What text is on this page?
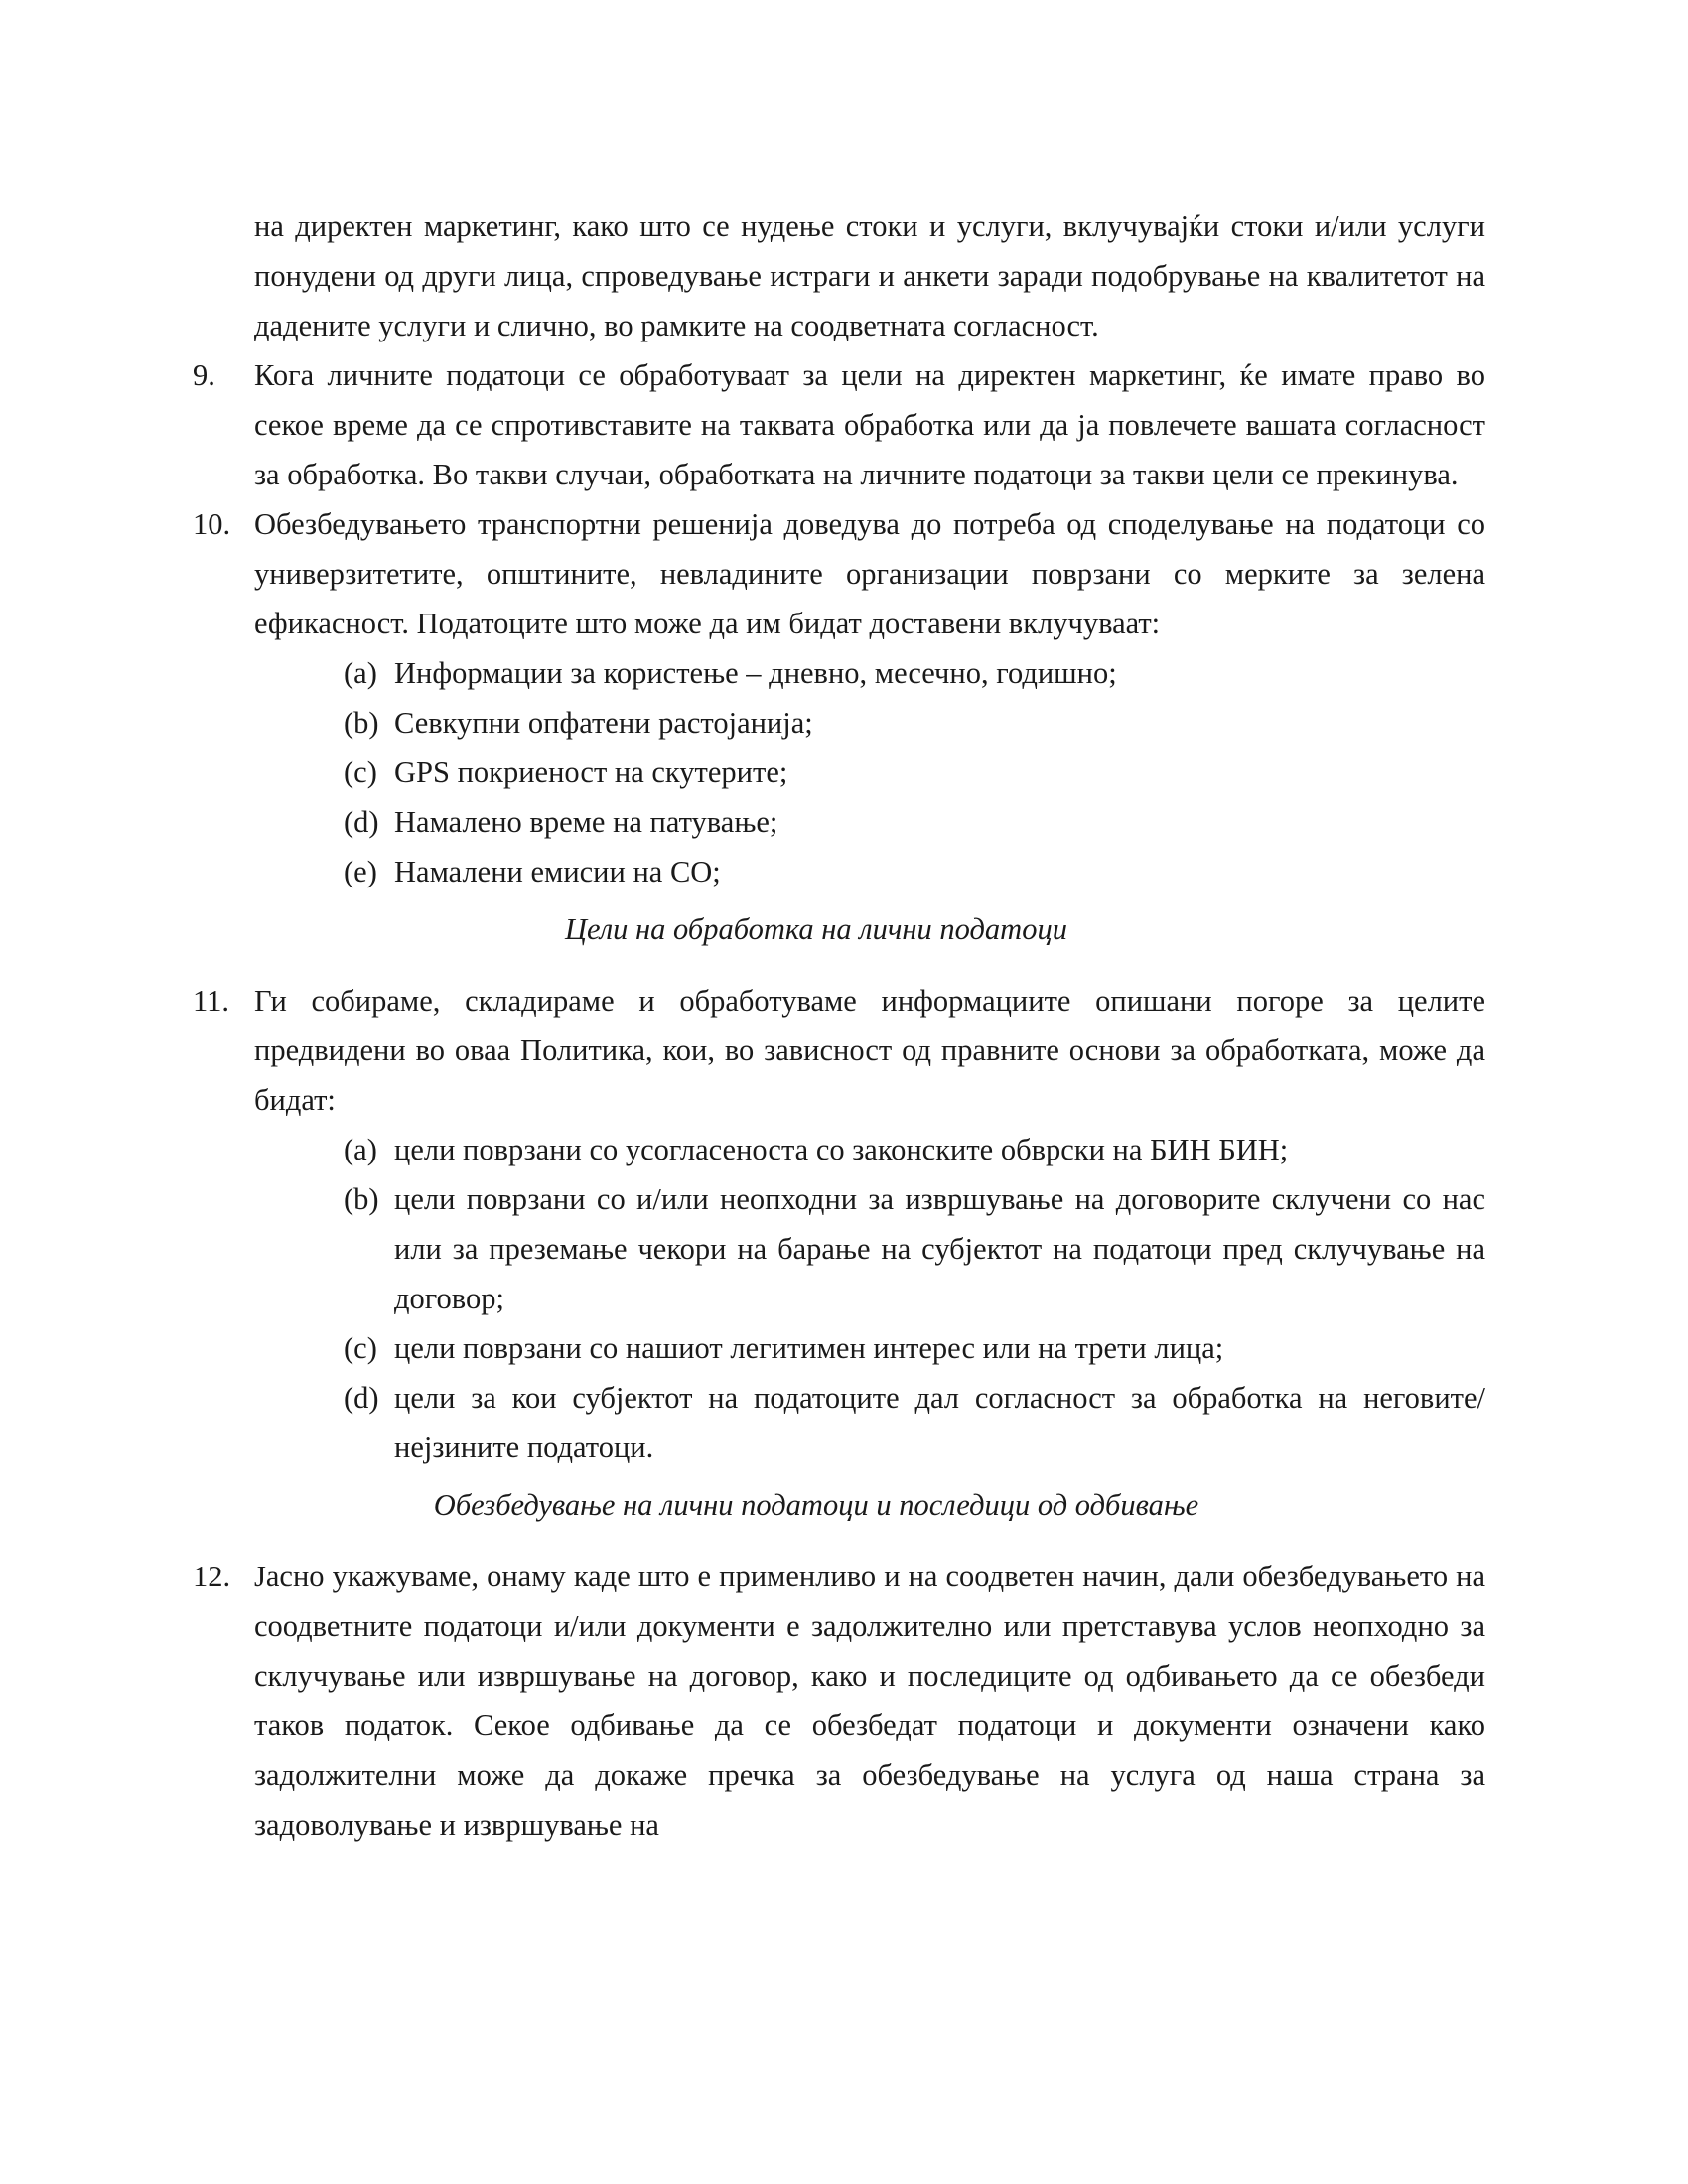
на директен маркетинг, како што се нудење стоки и услуги, вклучувајќи стоки и/или услуги понудени од други лица, спроведување истраги и анкети заради подобрување на квалитетот на дадените услуги и слично, во рамките на соодветната согласност.

9.	Кога личните податоци се обработуваат за цели на директен маркетинг, ќе имате право во секое време да се спротивставите на таквата обработка или да ја повлечете вашата согласност за обработка. Во такви случаи, обработката на личните податоци за такви цели се прекинува.

10. Обезбедувањето транспортни решенија доведува до потреба од споделување на податоци со универзитетите, општините, невладините организации поврзани со мерките за зелена ефикасност. Податоците што може да им бидат доставени вклучуваат:

(a) Информации за користење – дневно, месечно, годишно;
(b) Севкупни опфатени растојанија;
(c) GPS покриеност на скутерите;
(d) Намалено време на патување;
(e) Намалени емисии на CO;

Цели на обработка на лични податоци

11. Ги собираме, складираме и обработуваме информациите опишани погоре за целите предвидени во оваа Политика, кои, во зависност од правните основи за обработката, може да бидат:

(a) цели поврзани со усогласеноста со законските обврски на БИН БИН;
(b) цели поврзани со и/или неопходни за извршување на договорите склучени со нас или за преземање чекори на барање на субјектот на податоци пред склучување на договор;
(c) цели поврзани со нашиот легитимен интерес или на трети лица;
(d) цели за кои субјектот на податоците дал согласност за обработка на неговите/нејзините податоци.

Обезбедување на лични податоци и последици од одбивање

12. Јасно укажуваме, онаму каде што е применливо и на соодветен начин, дали обезбедувањето на соодветните податоци и/или документи е задолжително или претставува услов неопходно за склучување или извршување на договор, како и последиците од одбивањето да се обезбеди таков податок. Секое одбивање да се обезбедат податоци и документи означени како задолжителни може да докаже пречка за обезбедување на услуга од наша страна за задоволување и извршување на
